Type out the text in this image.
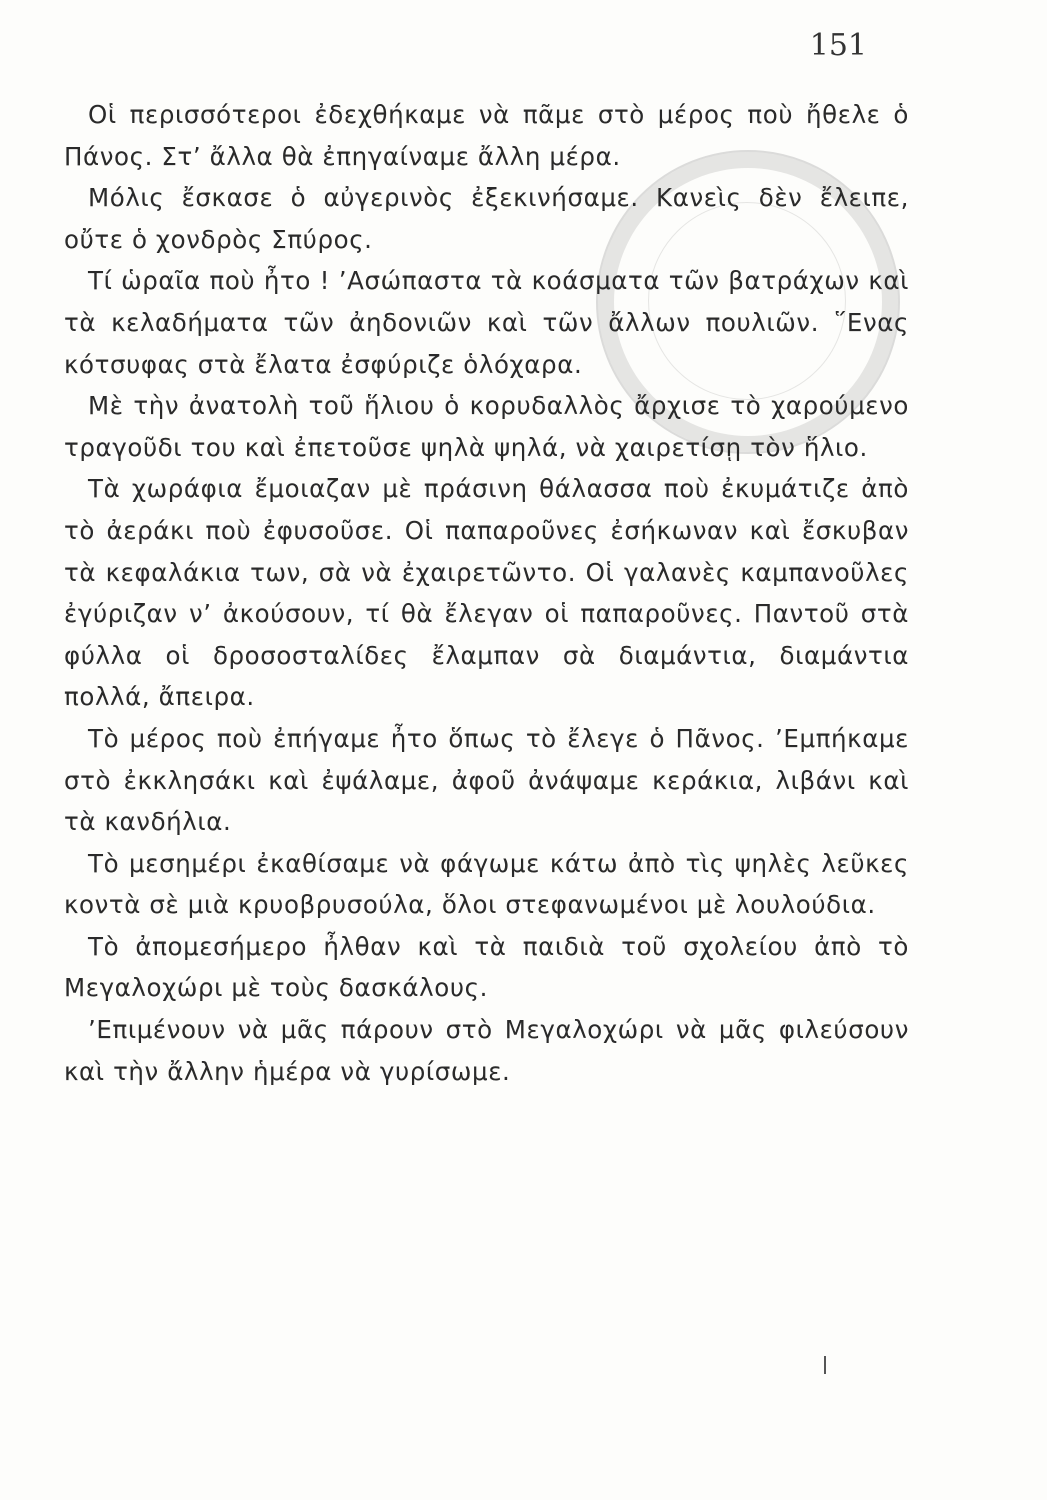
151

Οἱ περισσότεροι ἐδεχθήκαμε νὰ πᾶμε στὸ μέρος ποὺ ἤθελε ὁ Πάνος. Στ’ ἄλλα θὰ ἐπηγαίναμε ἄλλη μέρα.

Μόλις ἔσκασε ὁ αὐγερινὸς ἐξεκινήσαμε. Κανεὶς δὲν ἔλειπε, οὔτε ὁ χονδρὸς Σπύρος.

Τί ὡραῖα ποὺ ἦτο ! ’Ασώπαστα τὰ κοάσματα τῶν βατράχων καὶ τὰ κελαδήματα τῶν ἀηδονιῶν καὶ τῶν ἄλλων πουλιῶν. ῞Ενας κότσυφας στὰ ἔλατα ἐσφύριζε ὁλόχαρα.

Μὲ τὴν ἀνατολὴ τοῦ ἥλιου ὁ κορυδαλλὸς ἄρχισε τὸ χαρούμενο τραγοῦδι του καὶ ἐπετοῦσε ψηλὰ ψηλά, νὰ χαιρετίσῃ τὸν ἥλιο.

Τὰ χωράφια ἔμοιαζαν μὲ πράσινη θάλασσα ποὺ ἐκυμάτιζε ἀπὸ τὸ ἀεράκι ποὺ ἐφυσοῦσε. Οἱ παπαροῦνες ἐσήκωναν καὶ ἔσκυβαν τὰ κεφαλάκια των, σὰ νὰ ἐχαιρετῶντο. Οἱ γαλανὲς καμπανοῦλες ἐγύριζαν ν’ ἀκούσουν, τί θὰ ἔλεγαν οἱ παπαροῦνες. Παντοῦ στὰ φύλλα οἱ δροσοσταλίδες ἔλαμπαν σὰ διαμάντια, διαμάντια πολλά, ἄπειρα.

Τὸ μέρος ποὺ ἐπήγαμε ἦτο ὅπως τὸ ἔλεγε ὁ Πᾶνος. ’Εμπήκαμε στὸ ἐκκλησάκι καὶ ἐψάλαμε, ἀφοῦ ἀνάψαμε κεράκια, λιβάνι καὶ τὰ κανδήλια.

Τὸ μεσημέρι ἐκαθίσαμε νὰ φάγωμε κάτω ἀπὸ τὶς ψηλὲς λεῦκες κοντὰ σὲ μιὰ κρυοβρυσούλα, ὅλοι στεφανωμένοι μὲ λουλούδια.

Τὸ ἀπομεσήμερο ἦλθαν καὶ τὰ παιδιὰ τοῦ σχολείου ἀπὸ τὸ Μεγαλοχώρι μὲ τοὺς δασκάλους.

’Επιμένουν νὰ μᾶς πάρουν στὸ Μεγαλοχώρι νὰ μᾶς φιλεύσουν καὶ τὴν ἄλλην ἡμέρα νὰ γυρίσωμε.
